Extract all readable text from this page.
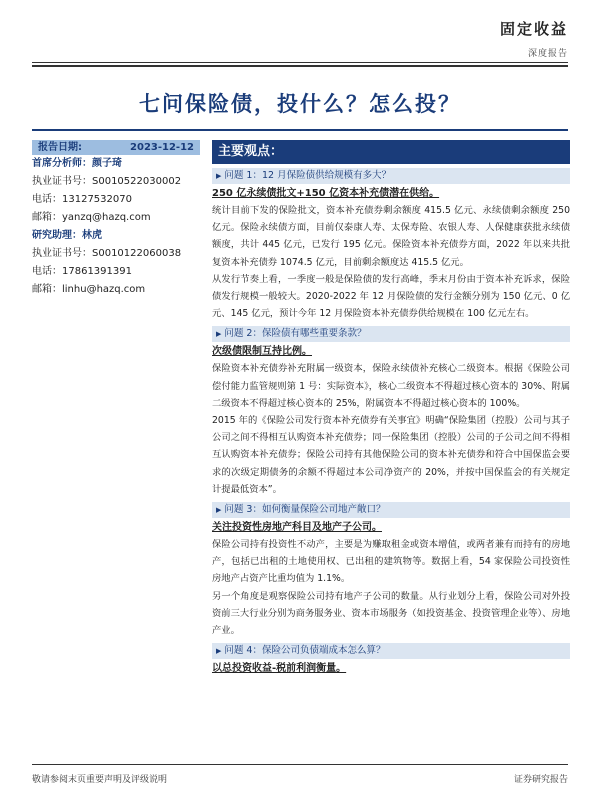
固定收益
深度报告
七问保险债，投什么？怎么投？
报告日期:	2023-12-12
首席分析师：颜子琦
执业证书号：S0010522030002
电话：13127532070
邮箱：yanzq@hazq.com
研究助理：林虎
执业证书号：S0010122060038
电话：17861391391
邮箱：linhu@hazq.com
主要观点：
▶ 问题 1：12 月保险债供给规模有多大？
250 亿永续债批文+150 亿资本补充债潜在供给。

统计目前下发的保险批文，资本补充债券剩余额度 415.5 亿元、永续债剩余额度 250 亿元。保险永续债方面，目前仅泰康人寿、太保寿险、农银人寿、人保健康获批永续债额度，共计 445 亿元，已发行 195 亿元。保险资本补充债券方面，2022 年以来共批复资本补充债券 1074.5 亿元，目前剩余额度达 415.5 亿元。

从发行节奏上看，一季度一般是保险债的发行高峰，季末月份由于资本补充诉求，保险债发行规模一般较大。2020-2022 年 12 月保险债的发行金额分别为 150 亿元、0 亿元、145 亿元，预计今年 12 月保险资本补充债券供给规模在 100 亿元左右。

▶ 问题 2：保险债有哪些重要条款？
次级债限制互持比例。

保险资本补充债券补充附属一级资本，保险永续债补充核心二级资本。根据《保险公司偿付能力监管规则第 1 号：实际资本》，核心二级资本不得超过核心资本的 30%、附属二级资本不得超过核心资本的 25%，附属资本不得超过核心资本的 100%。

2015 年的《保险公司发行资本补充债券有关事宜》明确“保险集团（控股）公司与其子公司之间不得相互认购资本补充债券；同一保险集团（控股）公司的子公司之间不得相互认购资本补充债券；保险公司持有其他保险公司的资本补充债券和符合中国保监会要求的次级定期债务的余额不得超过本公司净资产的 20%，并按中国保监会的有关规定计提最低资本”。

▶ 问题 3：如何衡量保险公司地产敞口？
关注投资性房地产科目及地产子公司。

保险公司持有投资性不动产，主要是为赚取租金或资本增值，或两者兼有而持有的房地产，包括已出租的土地使用权、已出租的建筑物等。数据上看，54 家保险公司投资性房地产占资产比重均值为 1.1%。

另一个角度是观察保险公司持有地产子公司的数量。从行业划分上看，保险公司对外投资前三大行业分别为商务服务业、资本市场服务（如投资基金、投资管理企业等）、房地产业。

▶ 问题 4：保险公司负债端成本怎么算？
以总投资收益-税前利润衡量。
敬请参阅末页重要声明及评级说明	证券研究报告
